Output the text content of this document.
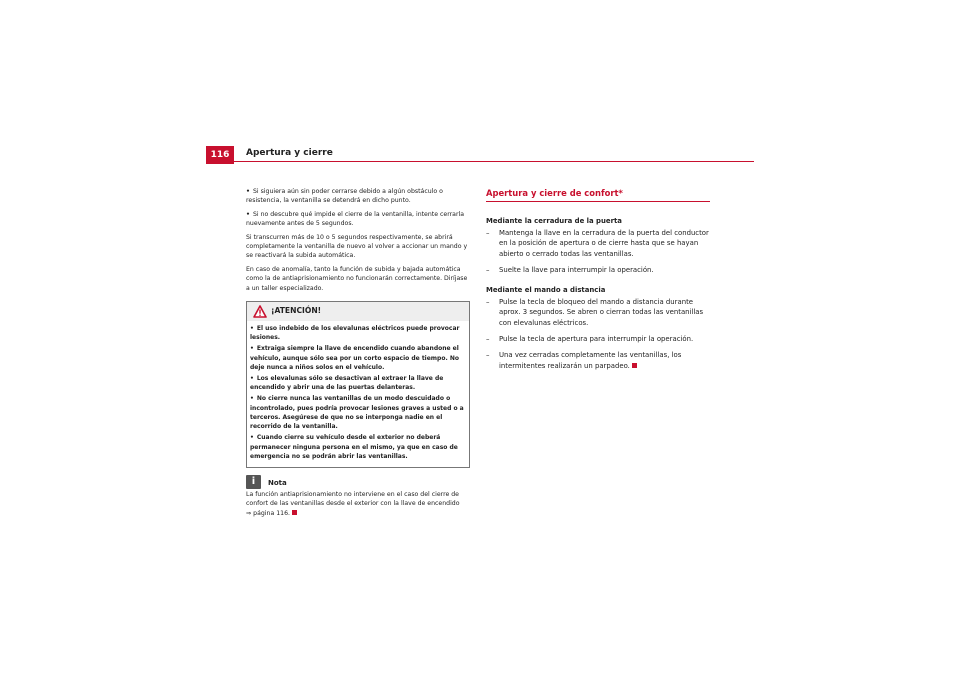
116	Apertura y cierre

• Si siguiera aún sin poder cerrarse debido a algún obstáculo o resistencia, la ventanilla se detendrá en dicho punto.

• Si no descubre qué impide el cierre de la ventanilla, intente cerrarla nuevamente antes de 5 segundos.

Si transcurren más de 10 o 5 segundos respectivamente, se abrirá completamente la ventanilla de nuevo al volver a accionar un mando y se reactivará la subida automática.

En caso de anomalía, tanto la función de subida y bajada automática como la de antiaprisionamiento no funcionarán correctamente. Diríjase a un taller especializado.

¡ATENCIÓN!

• El uso indebido de los elevalunas eléctricos puede provocar lesiones.

• Extraiga siempre la llave de encendido cuando abandone el vehículo, aunque sólo sea por un corto espacio de tiempo. No deje nunca a niños solos en el vehículo.

• Los elevalunas sólo se desactivan al extraer la llave de encendido y abrir una de las puertas delanteras.

• No cierre nunca las ventanillas de un modo descuidado o incontrolado, pues podría provocar lesiones graves a usted o a terceros. Asegúrese de que no se interponga nadie en el recorrido de la ventanilla.

• Cuando cierre su vehículo desde el exterior no deberá permanecer ninguna persona en el mismo, ya que en caso de emergencia no se podrán abrir las ventanillas.

i	Nota

La función antiaprisionamiento no interviene en el caso del cierre de confort de las ventanillas desde el exterior con la llave de encendido
⇒ página 116.

Apertura y cierre de confort*

Mediante la cerradura de la puerta

– Mantenga la llave en la cerradura de la puerta del conductor en la posición de apertura o de cierre hasta que se hayan abierto o cerrado todas las ventanillas.
– Suelte la llave para interrumpir la operación.

Mediante el mando a distancia

– Pulse la tecla de bloqueo del mando a distancia durante aprox. 3 segundos. Se abren o cierran todas las ventanillas con elevalunas eléctricos.
– Pulse la tecla de apertura para interrumpir la operación.
– Una vez cerradas completamente las ventanillas, los intermitentes realizarán un parpadeo.
